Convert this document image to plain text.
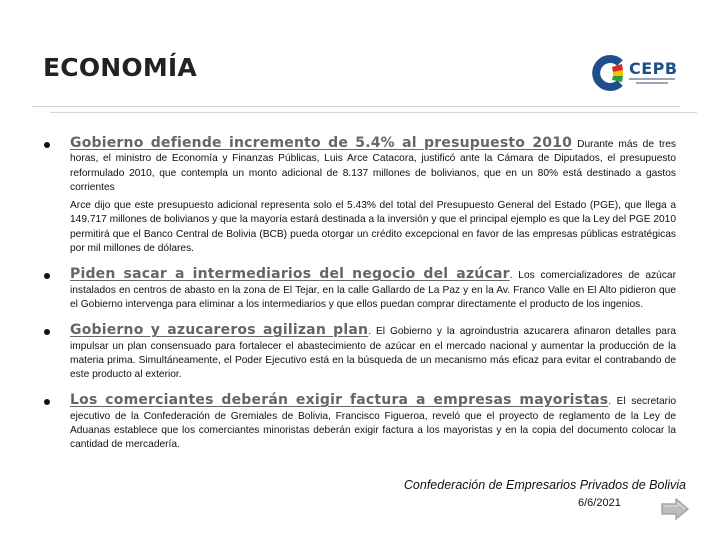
ECONOMÍA	CEPB
Gobierno defiende incremento de 5.4% al presupuesto 2010 Durante más de tres horas, el ministro de Economía y Finanzas Públicas, Luis Arce Catacora, justificó ante la Cámara de Diputados, el presupuesto reformulado 2010, que contempla un monto adicional de 8.137 millones de bolivianos, que en un 80% está destinado a gastos corrientes
Arce dijo que este presupuesto adicional representa solo el 5.43% del total del Presupuesto General del Estado (PGE), que llega a 149.717 millones de bolivianos y que la mayoría estará destinada a la inversión y que el principal ejemplo es que la Ley del PGE 2010 permitirá que el Banco Central de Bolivia (BCB) pueda otorgar un crédito excepcional en favor de las empresas públicas estratégicas por mil millones de dólares.
Piden sacar a intermediarios del negocio del azúcar. Los comercializadores de azúcar instalados en centros de abasto en la zona de El Tejar, en la calle Gallardo de La Paz y en la Av. Franco Valle en El Alto pidieron que el Gobierno intervenga para eliminar a los intermediarios y que ellos puedan comprar directamente el producto de los ingenios.
Gobierno y azucareros agilizan plan. El Gobierno y la agroindustria azucarera afinaron detalles para impulsar un plan consensuado para fortalecer el abastecimiento de azúcar en el mercado nacional y aumentar la producción de la materia prima. Simultáneamente, el Poder Ejecutivo está en la búsqueda de un mecanismo más eficaz para evitar el contrabando de este producto al exterior.
Los comerciantes deberán exigir factura a empresas mayoristas. El secretario ejecutivo de la Confederación de Gremiales de Bolivia, Francisco Figueroa, reveló que el proyecto de reglamento de la Ley de Aduanas establece que los comerciantes minoristas deberán exigir factura a los mayoristas y en la copia del documento colocar la cantidad de mercadería.
Confederación de Empresarios Privados de Bolivia
6/6/2021
